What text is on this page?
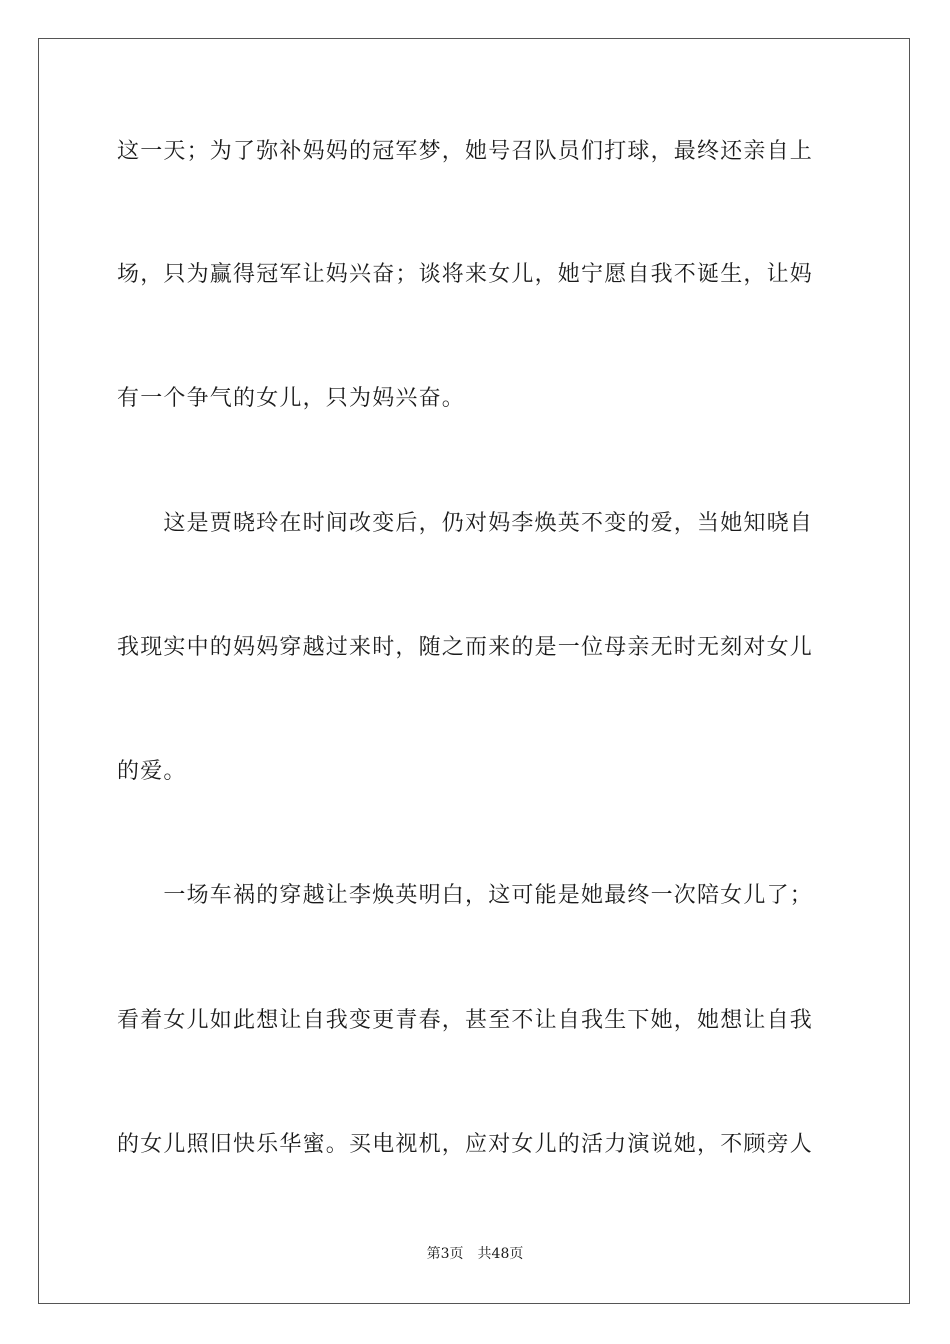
这一天；为了弥补妈妈的冠军梦，她号召队员们打球，最终还亲自上
场，只为赢得冠军让妈兴奋；谈将来女儿，她宁愿自我不诞生，让妈
有一个争气的女儿，只为妈兴奋。
　　这是贾晓玲在时间改变后，仍对妈李焕英不变的爱，当她知晓自
我现实中的妈妈穿越过来时，随之而来的是一位母亲无时无刻对女儿
的爱。
　　一场车祸的穿越让李焕英明白，这可能是她最终一次陪女儿了；
看着女儿如此想让自我变更青春，甚至不让自我生下她，她想让自我
的女儿照旧快乐华蜜。买电视机，应对女儿的活力演说她，不顾旁人
第3页 共48页
